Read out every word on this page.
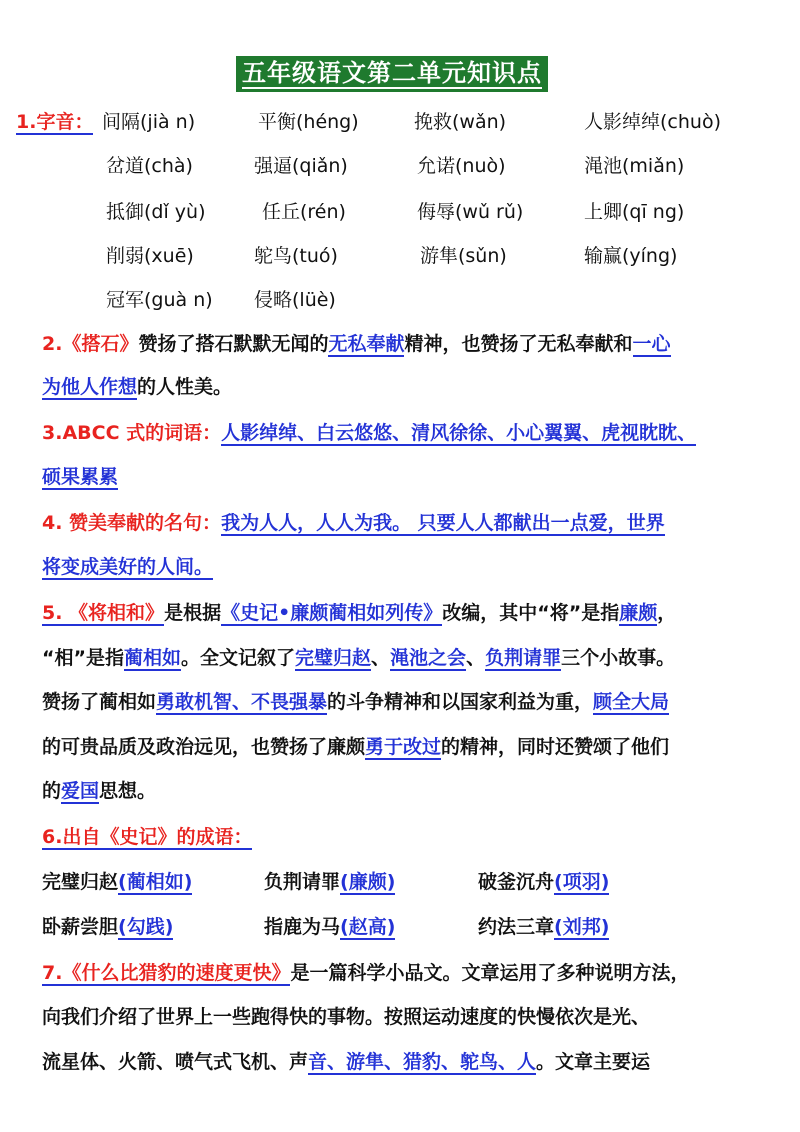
五年级语文第二单元知识点
1.字音： 间隔(jià n)	平衡(héng)	挽救(wǎn)	人影绰绰(chuò)
岔道(chà)	强逼(qiǎn)	允诺(nuò)	渑池(miǎn)
抵御(dǐ yù)	任丘(rén)	侮辱(wǔ rǔ)	上卿(qī ng)
削弱(xuē)	鸵鸟(tuó)	游隼(sǔn)	输赢(yíng)
冠军(guà n) 侵略(lüè)
2.《搭石》赞扬了搭石默默无闻的无私奉献精神，也赞扬了无私奉献和一心
为他人作想的人性美。
3.ABCC 式的词语：人影绰绰、白云悠悠、清风徐徐、小心翼翼、虎视眈眈、
硕果累累
4. 赞美奉献的名句：我为人人，人人为我。 只要人人都献出一点爱，世界
将变成美好的人间。
5. 《将相和》是根据《史记•廉颇蔺相如列传》改编，其中“将”是指廉颇，
“相”是指蔺相如。全文记叙了完璧归赵、渑池之会、负荆请罪三个小故事。
赞扬了蔺相如勇敢机智、不畏强暴的斗争精神和以国家利益为重，顾全大局
的可贵品质及政治远见，也赞扬了廉颇勇于改过的精神，同时还赞颂了他们
的爱国思想。
6.出自《史记》的成语：
完璧归赵(蔺相如)	负荆请罪(廉颇)	破釜沉舟(项羽)
卧薪尝胆(勾践)	指鹿为马(赵高)	约法三章(刘邦)
7.《什么比猎豹的速度更快》是一篇科学小品文。文章运用了多种说明方法，
向我们介绍了世界上一些跑得快的事物。按照运动速度的快慢依次是光、
流星体、火箭、喷气式飞机、声音、游隼、猎豹、鸵鸟、人。文章主要运
